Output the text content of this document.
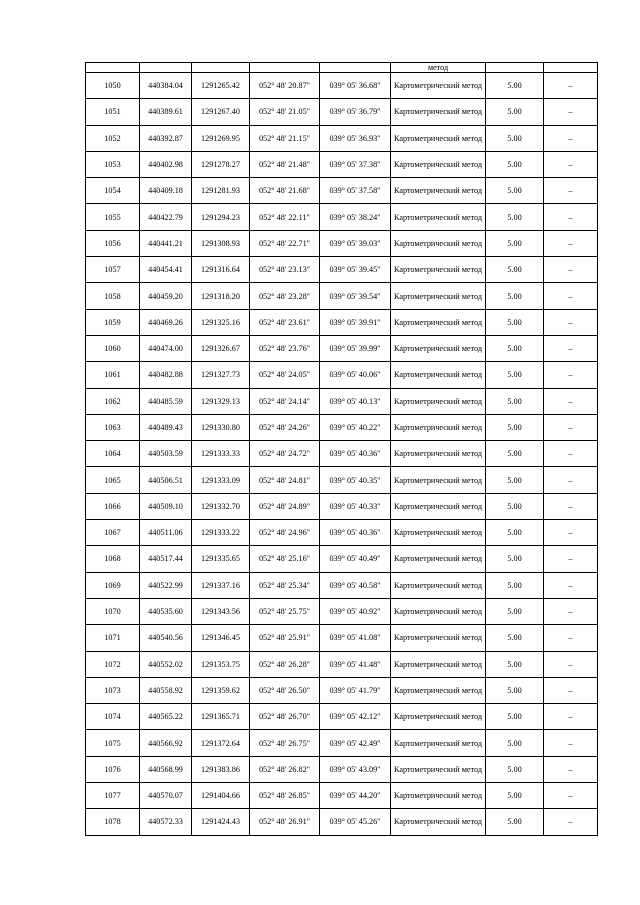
					метод		
1050	440384.04	1291265.42	052° 48' 20.87"	039° 05' 36.68"	Картометрический метод	5.00	–
1051	440389.61	1291267.40	052° 48' 21.05"	039° 05' 36.79"	Картометрический метод	5.00	–
1052	440392.87	1291269.95	052° 48' 21.15"	039° 05' 36.93"	Картометрический метод	5.00	–
1053	440402.98	1291278.27	052° 48' 21.48"	039° 05' 37.38"	Картометрический метод	5.00	–
1054	440409.18	1291281.93	052° 48' 21.68"	039° 05' 37.58"	Картометрический метод	5.00	–
1055	440422.79	1291294.23	052° 48' 22.11"	039° 05' 38.24"	Картометрический метод	5.00	–
1056	440441.21	1291308.93	052° 48' 22.71"	039° 05' 39.03"	Картометрический метод	5.00	–
1057	440454.41	1291316.64	052° 48' 23.13"	039° 05' 39.45"	Картометрический метод	5.00	–
1058	440459.20	1291318.20	052° 48' 23.28"	039° 05' 39.54"	Картометрический метод	5.00	–
1059	440469.26	1291325.16	052° 48' 23.61"	039° 05' 39.91"	Картометрический метод	5.00	–
1060	440474.00	1291326.67	052° 48' 23.76"	039° 05' 39.99"	Картометрический метод	5.00	–
1061	440482.88	1291327.73	052° 48' 24.05"	039° 05' 40.06"	Картометрический метод	5.00	–
1062	440485.59	1291329.13	052° 48' 24.14"	039° 05' 40.13"	Картометрический метод	5.00	–
1063	440489.43	1291330.80	052° 48' 24.26"	039° 05' 40.22"	Картометрический метод	5.00	–
1064	440503.59	1291333.33	052° 48' 24.72"	039° 05' 40.36"	Картометрический метод	5.00	–
1065	440506.51	1291333.09	052° 48' 24.81"	039° 05' 40.35"	Картометрический метод	5.00	–
1066	440509.10	1291332.70	052° 48' 24.89"	039° 05' 40.33"	Картометрический метод	5.00	–
1067	440511.06	1291333.22	052° 48' 24.96"	039° 05' 40.36"	Картометрический метод	5.00	–
1068	440517.44	1291335.65	052° 48' 25.16"	039° 05' 40.49"	Картометрический метод	5.00	–
1069	440522.99	1291337.16	052° 48' 25.34"	039° 05' 40.58"	Картометрический метод	5.00	–
1070	440535.60	1291343.56	052° 48' 25.75"	039° 05' 40.92"	Картометрический метод	5.00	–
1071	440540.56	1291346.45	052° 48' 25.91"	039° 05' 41.08"	Картометрический метод	5.00	–
1072	440552.02	1291353.75	052° 48' 26.28"	039° 05' 41.48"	Картометрический метод	5.00	–
1073	440558.92	1291359.62	052° 48' 26.50"	039° 05' 41.79"	Картометрический метод	5.00	–
1074	440565.22	1291365.71	052° 48' 26.70"	039° 05' 42.12"	Картометрический метод	5.00	–
1075	440566.92	1291372.64	052° 48' 26.75"	039° 05' 42.49"	Картометрический метод	5.00	–
1076	440568.99	1291383.86	052° 48' 26.82"	039° 05' 43.09"	Картометрический метод	5.00	–
1077	440570.07	1291404.66	052° 48' 26.85"	039° 05' 44.20"	Картометрический метод	5.00	–
1078	440572.33	1291424.43	052° 48' 26.91"	039° 05' 45.26"	Картометрический метод	5.00	–
